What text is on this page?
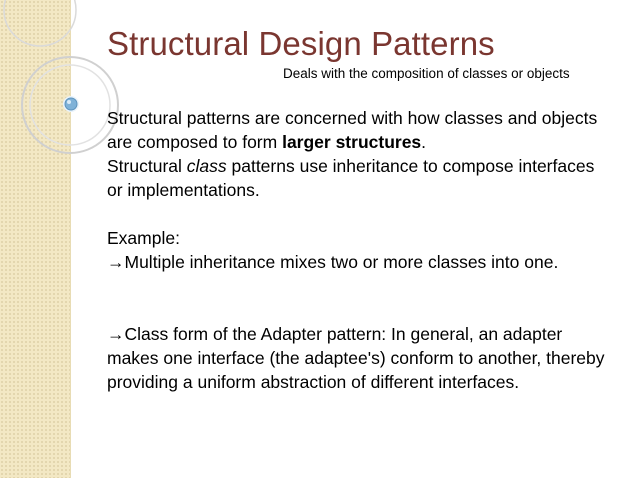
Structural Design Patterns

Deals with the composition of classes or objects

Structural patterns are concerned with how classes and objects are composed to form larger structures.
Structural class patterns use inheritance to compose interfaces or implementations.

Example:

→Multiple inheritance mixes two or more classes into one.

→Class form of the Adapter pattern: In general, an adapter makes one interface (the adaptee's) conform to another, thereby providing a uniform abstraction of different interfaces.
